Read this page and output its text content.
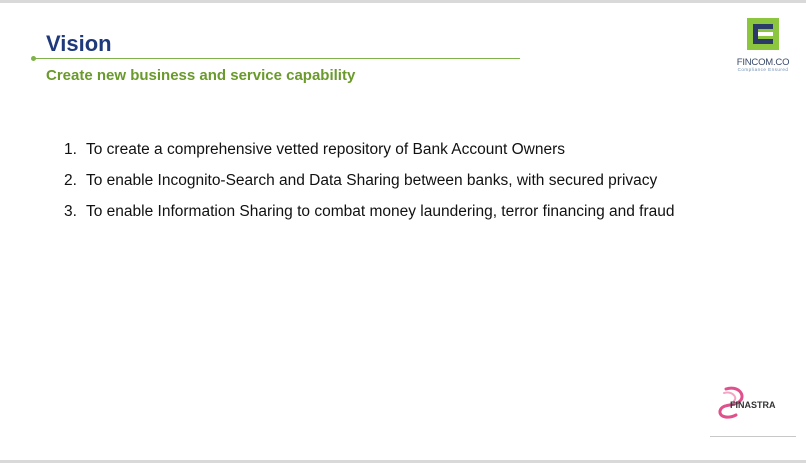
Vision
Create new business and service capability
1. To create a comprehensive vetted repository of Bank Account Owners
2. To enable Incognito-Search and Data Sharing between banks, with secured privacy
3. To enable Information Sharing to combat money laundering, terror financing and fraud
FINCOM.CO
Compliance Ensured
FINASTRA
